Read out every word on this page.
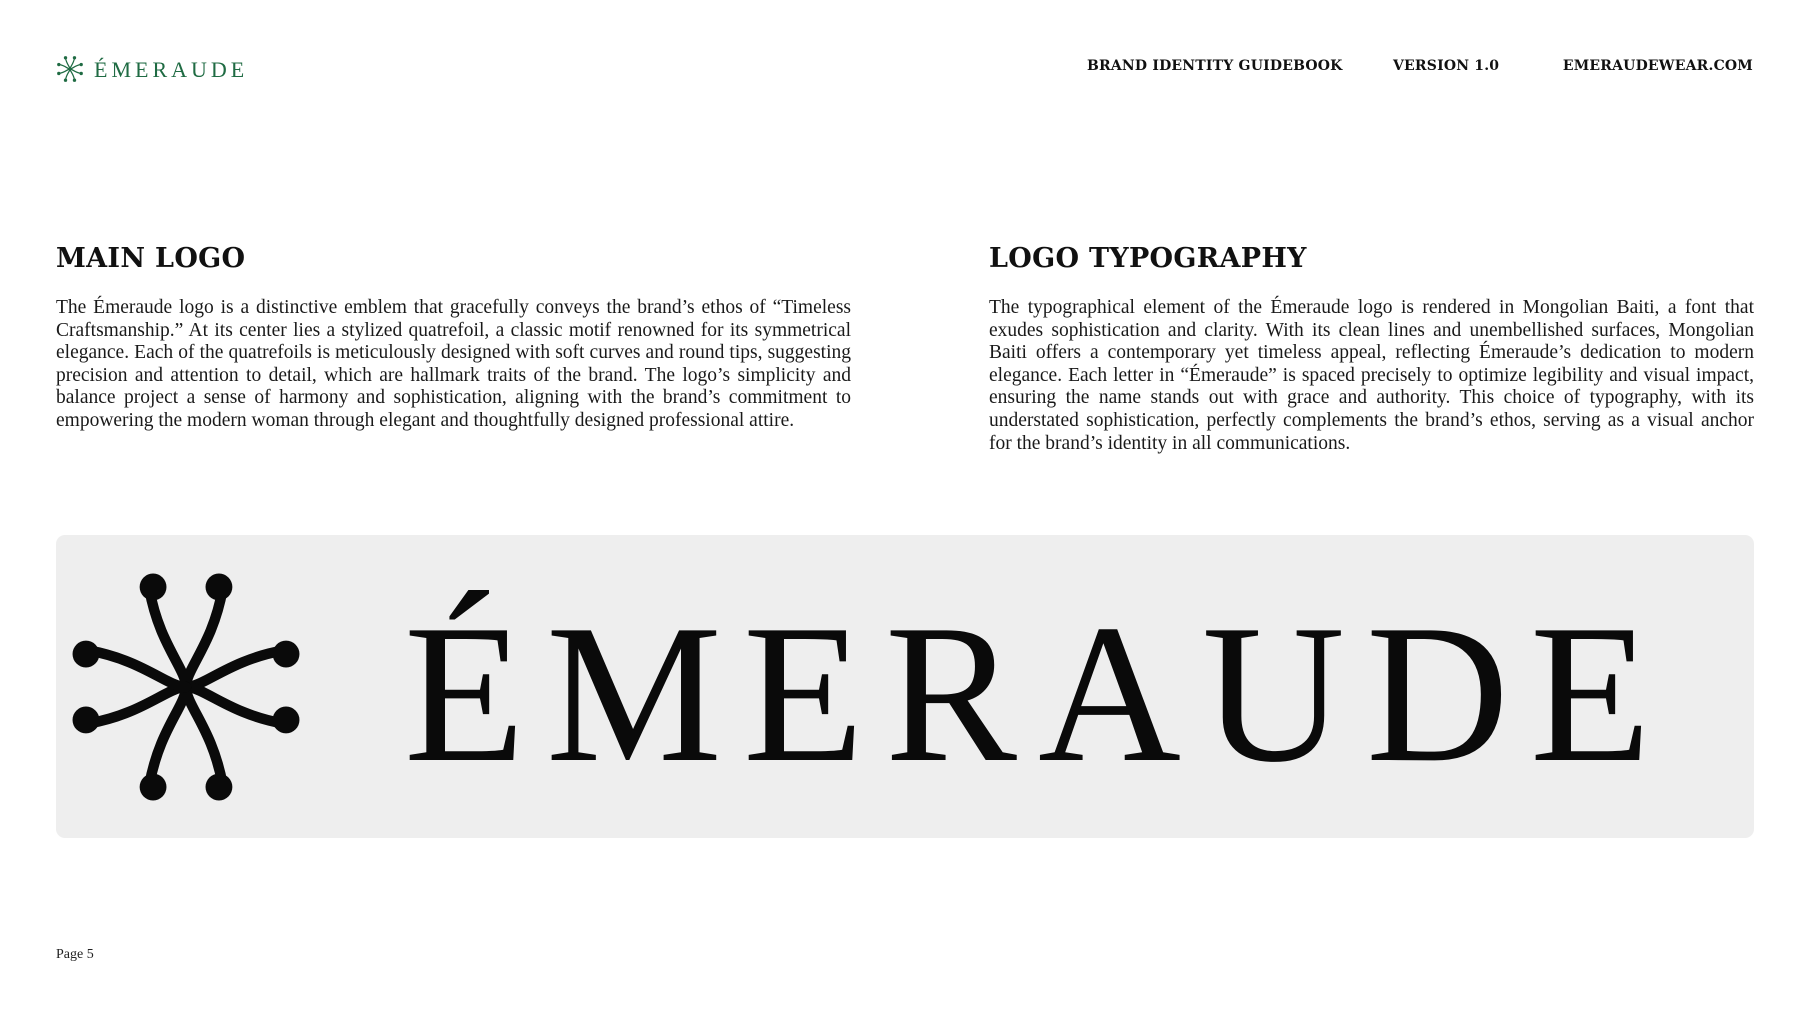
ÉMERAUDE	BRAND IDENTITY GUIDEBOOK	VERSION 1.0	EMERAUDEWEAR.COM
MAIN LOGO
The Émeraude logo is a distinctive emblem that gracefully conveys the brand’s ethos of “Timeless Craftsmanship.” At its center lies a stylized quatrefoil, a classic motif renowned for its symmetrical elegance. Each of the quatrefoils is meticulously designed with soft curves and round tips, suggesting precision and attention to detail, which are hallmark traits of the brand. The logo’s simplicity and balance project a sense of harmony and sophistication, aligning with the brand’s commitment to empowering the modern woman through elegant and thoughtfully designed professional attire.
LOGO TYPOGRAPHY
The typographical element of the Émeraude logo is rendered in Mongolian Baiti, a font that exudes sophistication and clarity. With its clean lines and unembellished surfaces, Mongolian Baiti offers a contemporary yet timeless appeal, reflecting Émeraude’s dedication to modern elegance. Each letter in “Émeraude” is spaced precisely to optimize legibility and visual impact, ensuring the name stands out with grace and authority. This choice of typography, with its understated sophistication, perfectly complements the brand’s ethos, serving as a visual anchor for the brand’s identity in all communications.
ÉMERAUDE
Page 5
